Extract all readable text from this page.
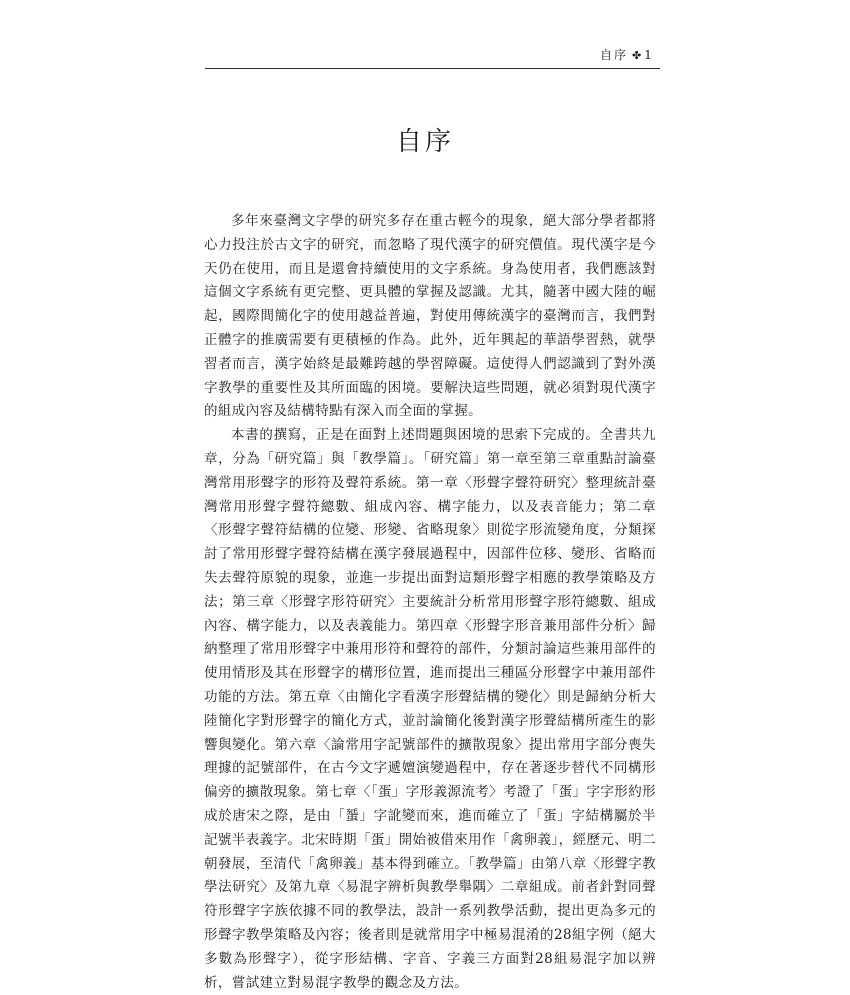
自序 ✤1
自序

多年來臺灣文字學的研究多存在重古輕今的現象，絕大部分學者都將心力投注於古文字的研究，而忽略了現代漢字的研究價值。現代漢字是今天仍在使用，而且是還會持續使用的文字系統。身為使用者，我們應該對這個文字系統有更完整、更具體的掌握及認識。尤其，隨著中國大陸的崛起，國際間簡化字的使用越益普遍，對使用傳統漢字的臺灣而言，我們對正體字的推廣需要有更積極的作為。此外，近年興起的華語學習熱，就學習者而言，漢字始終是最難跨越的學習障礙。這使得人們認識到了對外漢字教學的重要性及其所面臨的困境。要解決這些問題，就必須對現代漢字的組成內容及結構特點有深入而全面的掌握。

本書的撰寫，正是在面對上述問題與困境的思索下完成的。全書共九章，分為「研究篇」與「教學篇」。「研究篇」第一章至第三章重點討論臺灣常用形聲字的形符及聲符系統。第一章〈形聲字聲符研究〉整理統計臺灣常用形聲字聲符總數、組成內容、構字能力，以及表音能力；第二章〈形聲字聲符結構的位變、形變、省略現象〉則從字形流變角度，分類探討了常用形聲字聲符結構在漢字發展過程中，因部件位移、變形、省略而失去聲符原貌的現象，並進一步提出面對這類形聲字相應的教學策略及方法；第三章〈形聲字形符研究〉主要統計分析常用形聲字形符總數、組成內容、構字能力，以及表義能力。第四章〈形聲字形音兼用部件分析〉歸納整理了常用形聲字中兼用形符和聲符的部件，分類討論這些兼用部件的使用情形及其在形聲字的構形位置，進而提出三種區分形聲字中兼用部件功能的方法。第五章〈由簡化字看漢字形聲結構的變化〉則是歸納分析大陸簡化字對形聲字的簡化方式，並討論簡化後對漢字形聲結構所產生的影響與變化。第六章〈論常用字記號部件的擴散現象〉提出常用字部分喪失理據的記號部件，在古今文字遞嬗演變過程中，存在著逐步替代不同構形偏旁的擴散現象。第七章〈「蛋」字形義源流考〉考證了「蛋」字字形約形成於唐宋之際，是由「蜑」字訛變而來，進而確立了「蛋」字結構屬於半記號半表義字。北宋時期「蛋」開始被借來用作「禽卵義」，經歷元、明二朝發展，至清代「禽卵義」基本得到確立。「教學篇」由第八章〈形聲字教學法研究〉及第九章〈易混字辨析與教學舉隅〉二章組成。前者針對同聲符形聲字字族依據不同的教學法，設計一系列教學活動，提出更為多元的形聲字教學策略及內容；後者則是就常用字中極易混淆的28組字例（絕大多數為形聲字），從字形結構、字音、字義三方面對28組易混字加以辨析，嘗試建立對易混字教學的觀念及方法。
